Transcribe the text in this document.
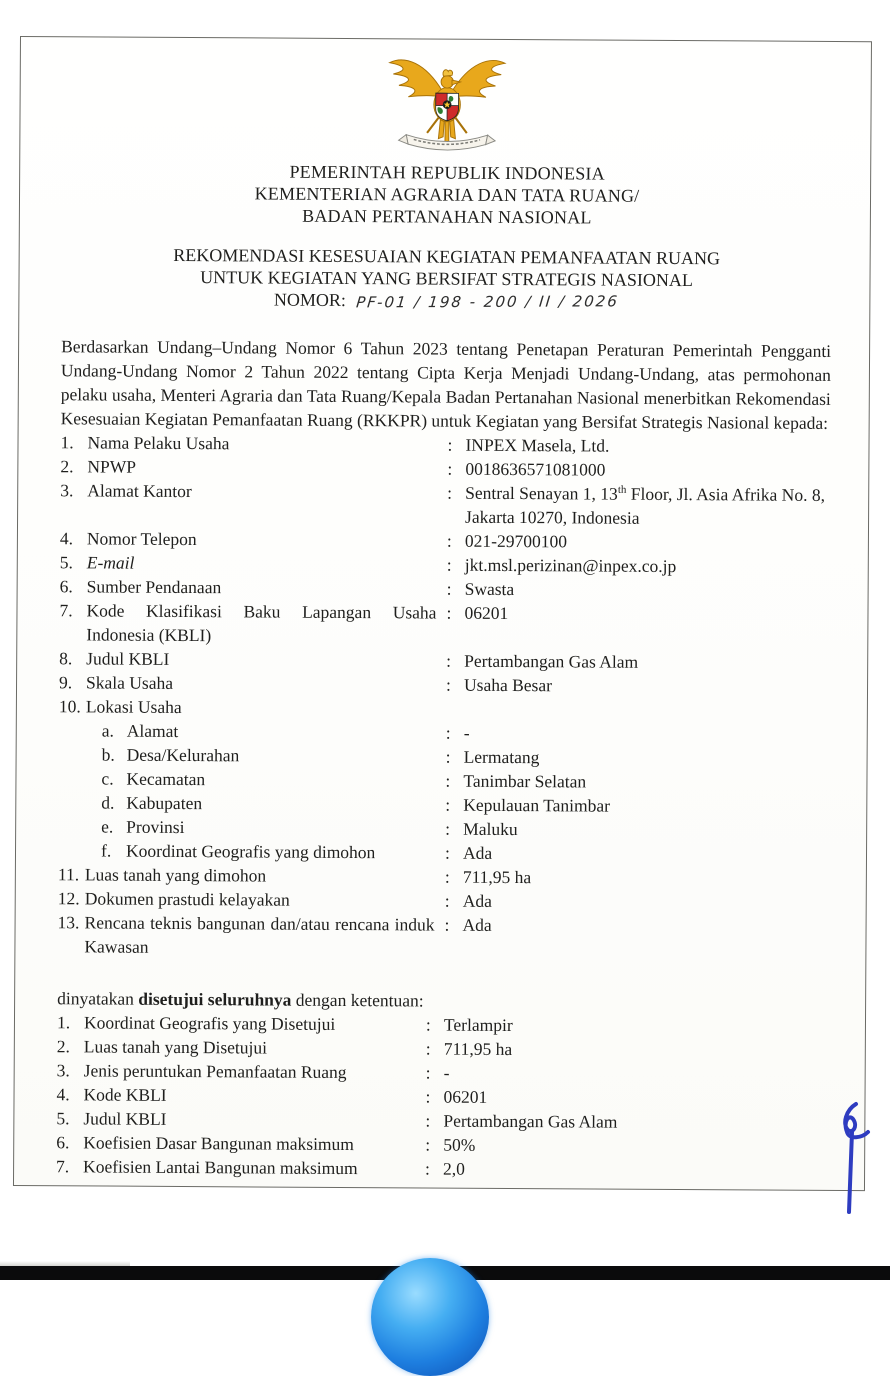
PEMERINTAH REPUBLIK INDONESIA
KEMENTERIAN AGRARIA DAN TATA RUANG/
BADAN PERTANAHAN NASIONAL
REKOMENDASI KESESUAIAN KEGIATAN PEMANFAATAN RUANG
UNTUK KEGIATAN YANG BERSIFAT STRATEGIS NASIONAL
NOMOR: PF-01 / 198 - 200 / II / 2026

Berdasarkan Undang–Undang Nomor 6 Tahun 2023 tentang Penetapan Peraturan Pemerintah Pengganti Undang-Undang Nomor 2 Tahun 2022 tentang Cipta Kerja Menjadi Undang-Undang, atas permohonan pelaku usaha, Menteri Agraria dan Tata Ruang/Kepala Badan Pertanahan Nasional menerbitkan Rekomendasi Kesesuaian Kegiatan Pemanfaatan Ruang (RKKPR) untuk Kegiatan yang Bersifat Strategis Nasional kepada:

1. Nama Pelaku Usaha	: INPEX Masela, Ltd.
2. NPWP	: 0018636571081000
3. Alamat Kantor	: Sentral Senayan 1, 13th Floor, Jl. Asia Afrika No. 8, Jakarta 10270, Indonesia
4. Nomor Telepon	: 021-29700100
5. E-mail	: jkt.msl.perizinan@inpex.co.jp
6. Sumber Pendanaan	: Swasta
7. Kode Klasifikasi Baku Lapangan Usaha Indonesia (KBLI)
: 06201
8. Judul KBLI	: Pertambangan Gas Alam
9. Skala Usaha	: Usaha Besar
10. Lokasi Usaha
a. Alamat	: -
b. Desa/Kelurahan	: Lermatang
c. Kecamatan	: Tanimbar Selatan
d. Kabupaten	: Kepulauan Tanimbar
e. Provinsi	: Maluku
f. Koordinat Geografis yang dimohon	: Ada
11. Luas tanah yang dimohon	: 711,95 ha
12. Dokumen prastudi kelayakan	: Ada
13. Rencana teknis bangunan dan/atau rencana induk Kawasan
: Ada

dinyatakan disetujui seluruhnya dengan ketentuan:

1. Koordinat Geografis yang Disetujui	: Terlampir
2. Luas tanah yang Disetujui	: 711,95 ha
3. Jenis peruntukan Pemanfaatan Ruang	: -
4. Kode KBLI	: 06201
5. Judul KBLI	: Pertambangan Gas Alam
6. Koefisien Dasar Bangunan maksimum	: 50%
7. Koefisien Lantai Bangunan maksimum	: 2,0
